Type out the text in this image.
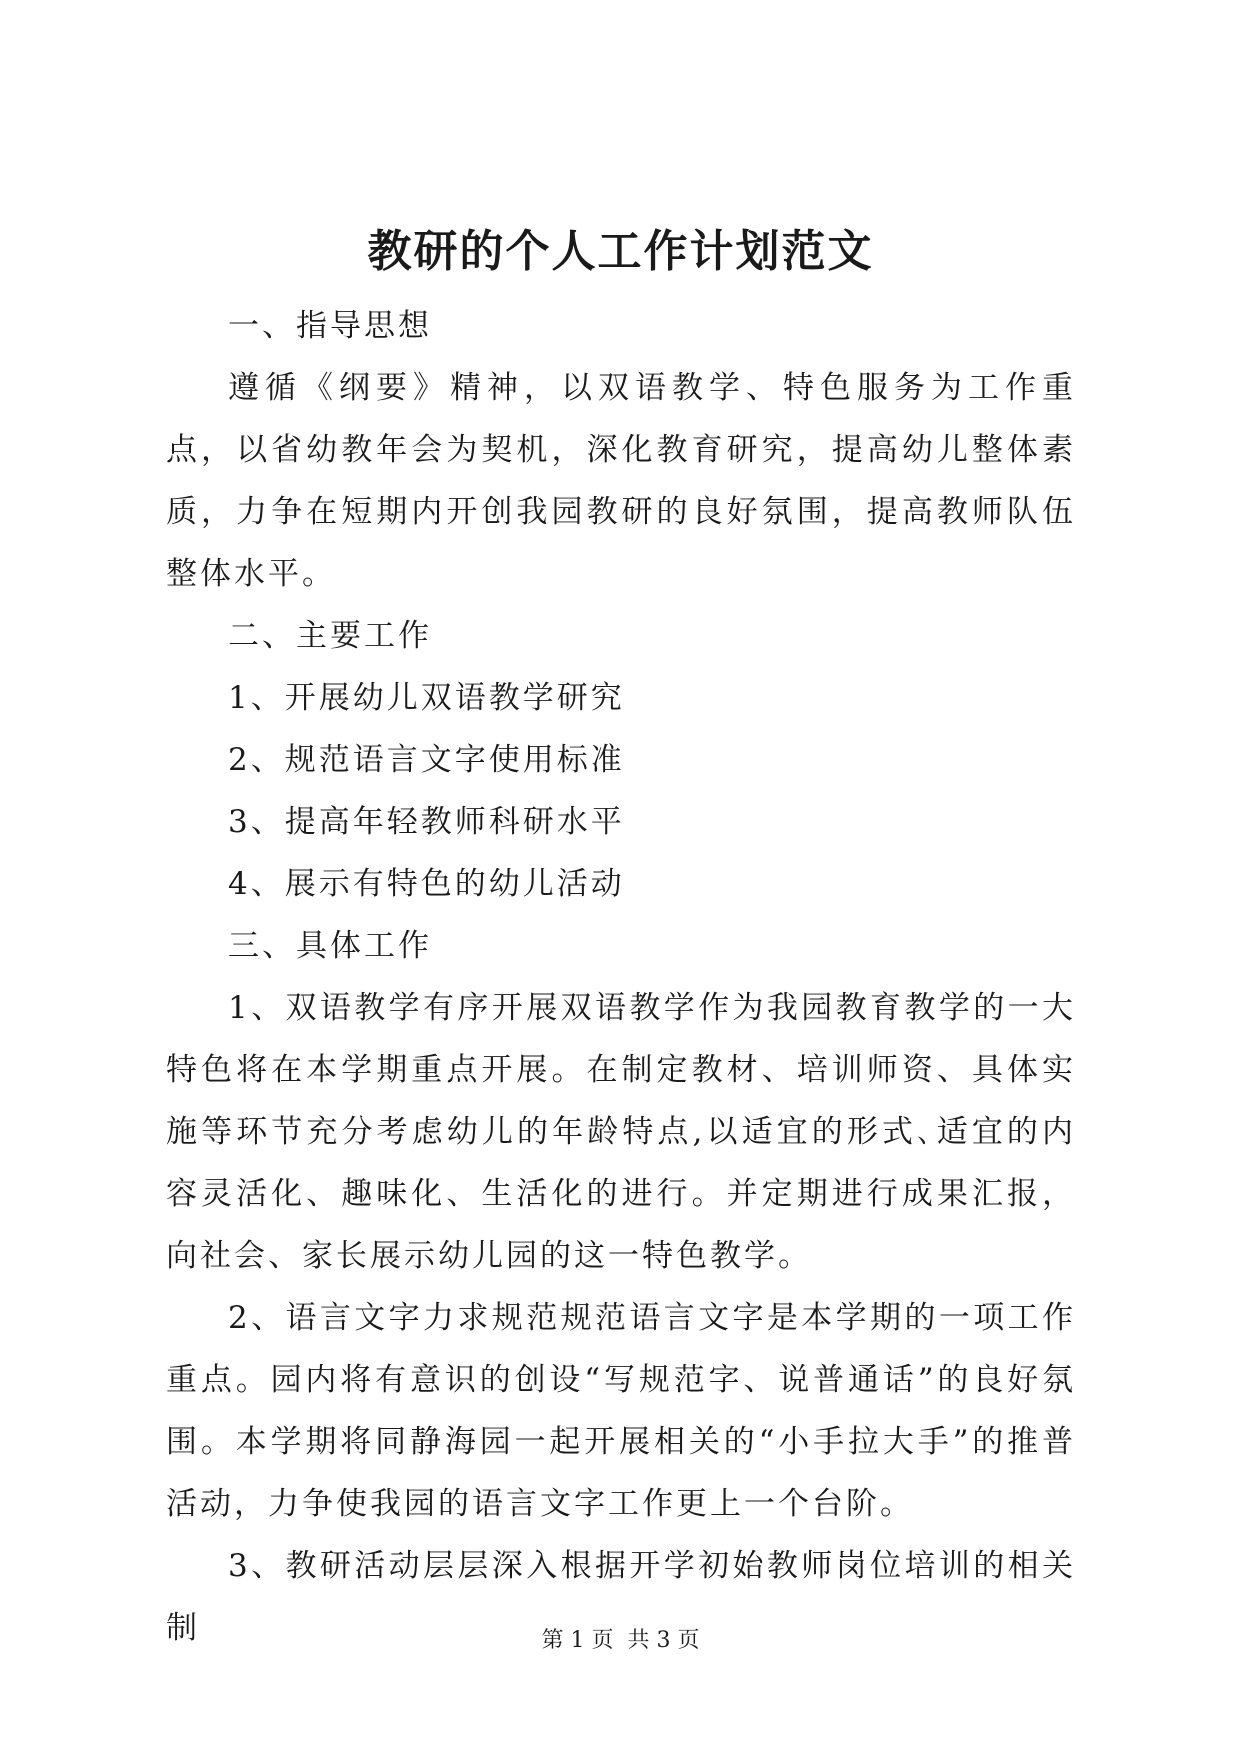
教研的个人工作计划范文

一、指导思想

遵循《纲要》精神，以双语教学、特色服务为工作重点，以省幼教年会为契机，深化教育研究，提高幼儿整体素质，力争在短期内开创我园教研的良好氛围，提高教师队伍整体水平。

二、主要工作

1、开展幼儿双语教学研究

2、规范语言文字使用标准

3、提高年轻教师科研水平

4、展示有特色的幼儿活动

三、具体工作

1、双语教学有序开展双语教学作为我园教育教学的一大特色将在本学期重点开展。在制定教材、培训师资、具体实施等环节充分考虑幼儿的年龄特点,以适宜的形式､适宜的内容灵活化、趣味化、生活化的进行。并定期进行成果汇报，向社会、家长展示幼儿园的这一特色教学。

2、语言文字力求规范规范语言文字是本学期的一项工作重点。园内将有意识的创设“写规范字、说普通话”的良好氛围。本学期将同静海园一起开展相关的“小手拉大手”的推普活动，力争使我园的语言文字工作更上一个台阶。

3、教研活动层层深入根据开学初始教师岗位培训的相关制	第 1 页  共 3 页
